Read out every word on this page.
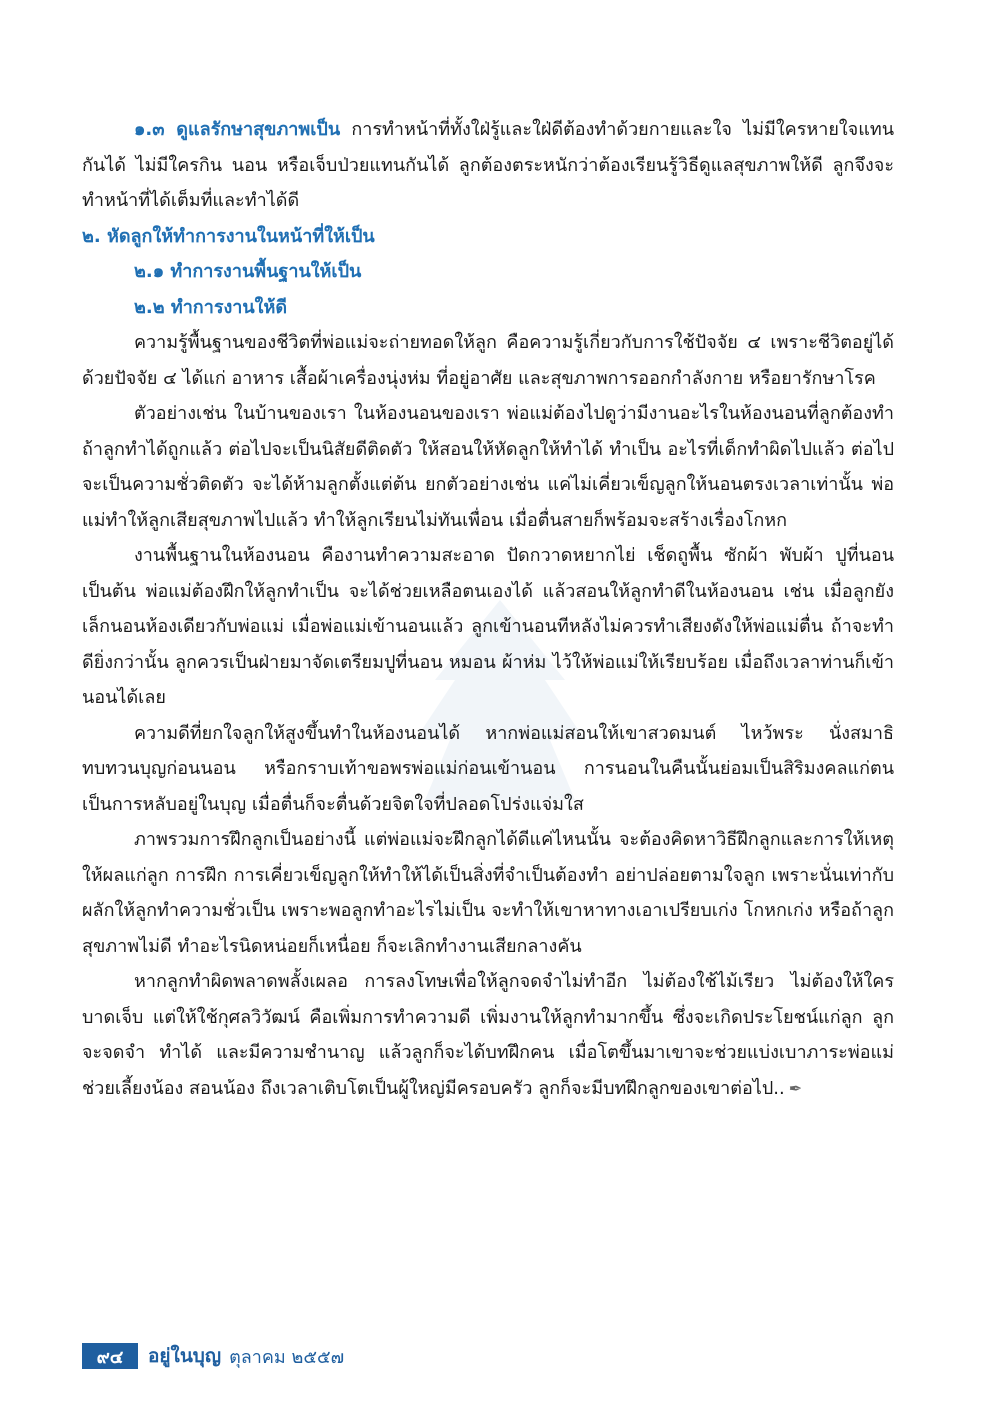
๑.๓ ดูแลรักษาสุขภาพเป็น การทำหน้าที่ทั้งใฝ่รู้และใฝ่ดีต้องทำด้วยกายและใจ ไม่มีใครหายใจแทนกันได้ ไม่มีใครกิน นอน หรือเจ็บป่วยแทนกันได้ ลูกต้องตระหนักว่าต้องเรียนรู้วิธีดูแลสุขภาพให้ดี ลูกจึงจะทำหน้าที่ได้เต็มที่และทำได้ดี

๒. หัดลูกให้ทำการงานในหน้าที่ให้เป็น

๒.๑ ทำการงานพื้นฐานให้เป็น

๒.๒ ทำการงานให้ดี

ความรู้พื้นฐานของชีวิตที่พ่อแม่จะถ่ายทอดให้ลูก คือความรู้เกี่ยวกับการใช้ปัจจัย ๔ เพราะชีวิตอยู่ได้ด้วยปัจจัย ๔ ได้แก่ อาหาร เสื้อผ้าเครื่องนุ่งห่ม ที่อยู่อาศัย และสุขภาพการออกกำลังกาย หรือยารักษาโรค

ตัวอย่างเช่น ในบ้านของเรา ในห้องนอนของเรา พ่อแม่ต้องไปดูว่ามีงานอะไรในห้องนอนที่ลูกต้องทำ ถ้าลูกทำได้ถูกแล้ว ต่อไปจะเป็นนิสัยดีติดตัว ให้สอนให้หัดลูกให้ทำได้ ทำเป็น อะไรที่เด็กทำผิดไปแล้ว ต่อไปจะเป็นความชั่วติดตัว จะได้ห้ามลูกตั้งแต่ต้น ยกตัวอย่างเช่น แค่ไม่เคี่ยวเข็ญลูกให้นอนตรงเวลาเท่านั้น พ่อแม่ทำให้ลูกเสียสุขภาพไปแล้ว ทำให้ลูกเรียนไม่ทันเพื่อน เมื่อตื่นสายก็พร้อมจะสร้างเรื่องโกหก

งานพื้นฐานในห้องนอน คืองานทำความสะอาด ปัดกวาดหยากไย่ เช็ดถูพื้น ซักผ้า พับผ้า ปูที่นอน เป็นต้น พ่อแม่ต้องฝึกให้ลูกทำเป็น จะได้ช่วยเหลือตนเองได้ แล้วสอนให้ลูกทำดีในห้องนอน เช่น เมื่อลูกยังเล็กนอนห้องเดียวกับพ่อแม่ เมื่อพ่อแม่เข้านอนแล้ว ลูกเข้านอนทีหลังไม่ควรทำเสียงดังให้พ่อแม่ตื่น ถ้าจะทำดียิ่งกว่านั้น ลูกควรเป็นฝ่ายมาจัดเตรียมปูที่นอน หมอน ผ้าห่ม ไว้ให้พ่อแม่ให้เรียบร้อย เมื่อถึงเวลาท่านก็เข้านอนได้เลย

ความดีที่ยกใจลูกให้สูงขึ้นทำในห้องนอนได้ หากพ่อแม่สอนให้เขาสวดมนต์ ไหว้พระ นั่งสมาธิ ทบทวนบุญก่อนนอน หรือกราบเท้าขอพรพ่อแม่ก่อนเข้านอน การนอนในคืนนั้นย่อมเป็นสิริมงคลแก่ตน เป็นการหลับอยู่ในบุญ เมื่อตื่นก็จะตื่นด้วยจิตใจที่ปลอดโปร่งแจ่มใส

ภาพรวมการฝึกลูกเป็นอย่างนี้ แต่พ่อแม่จะฝึกลูกได้ดีแค่ไหนนั้น จะต้องคิดหาวิธีฝึกลูกและการให้เหตุให้ผลแก่ลูก การฝึก การเคี่ยวเข็ญลูกให้ทำให้ได้เป็นสิ่งที่จำเป็นต้องทำ อย่าปล่อยตามใจลูก เพราะนั่นเท่ากับผลักให้ลูกทำความชั่วเป็น เพราะพอลูกทำอะไรไม่เป็น จะทำให้เขาหาทางเอาเปรียบเก่ง โกหกเก่ง หรือถ้าลูกสุขภาพไม่ดี ทำอะไรนิดหน่อยก็เหนื่อย ก็จะเลิกทำงานเสียกลางคัน

หากลูกทำผิดพลาดพลั้งเผลอ การลงโทษเพื่อให้ลูกจดจำไม่ทำอีก ไม่ต้องใช้ไม้เรียว ไม่ต้องให้ใครบาดเจ็บ แต่ให้ใช้กุศลวิวัฒน์ คือเพิ่มการทำความดี เพิ่มงานให้ลูกทำมากขึ้น ซึ่งจะเกิดประโยชน์แก่ลูก ลูกจะจดจำ ทำได้ และมีความชำนาญ แล้วลูกก็จะได้บทฝึกคน เมื่อโตขึ้นมาเขาจะช่วยแบ่งเบาภาระพ่อแม่ ช่วยเลี้ยงน้อง สอนน้อง ถึงเวลาเติบโตเป็นผู้ใหญ่มีครอบครัว ลูกก็จะมีบทฝึกลูกของเขาต่อไป.. ✒

๙๔	อยู่ในบุญ ตุลาคม ๒๕๕๗
